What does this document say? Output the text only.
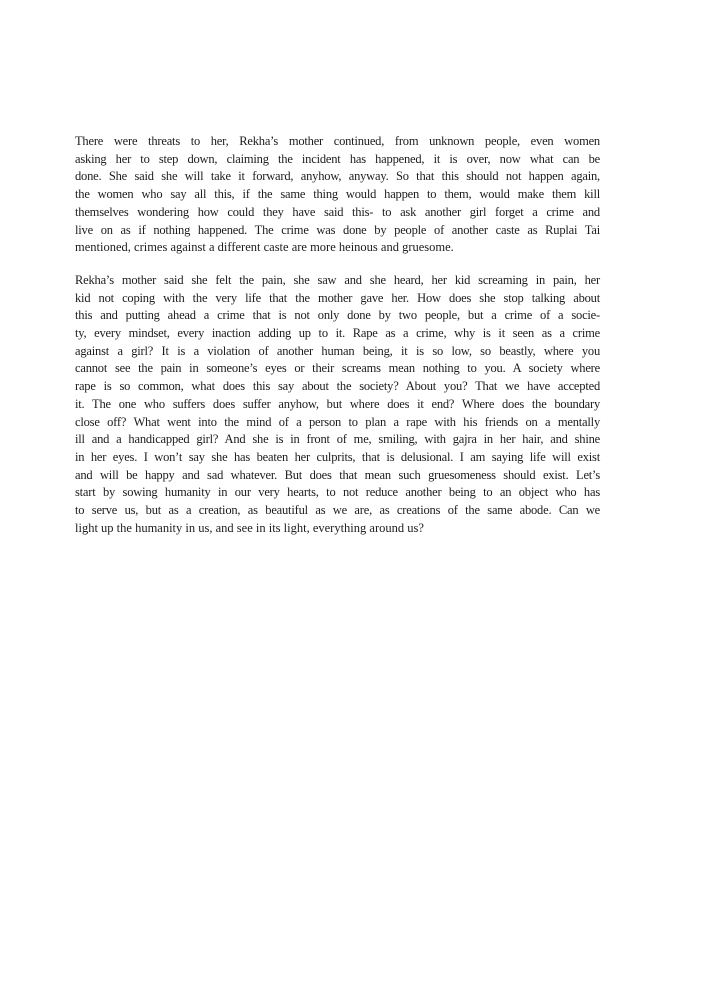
There were threats to her, Rekha’s mother continued, from unknown people, even women
asking her to step down, claiming the incident has happened, it is over, now what can be
done. She said she will take it forward, anyhow, anyway. So that this should not happen again,
the women who say all this, if the same thing would happen to them, would make them kill
themselves wondering how could they have said this- to ask another girl forget a crime and
live on as if nothing happened. The crime was done by people of another caste as Ruplai Tai
mentioned, crimes against a different caste are more heinous and gruesome.
Rekha’s mother said she felt the pain, she saw and she heard, her kid screaming in pain, her
kid not coping with the very life that the mother gave her. How does she stop talking about
this and putting ahead a crime that is not only done by two people, but a crime of a socie-
ty, every mindset, every inaction adding up to it. Rape as a crime, why is it seen as a crime
against a girl? It is a violation of another human being, it is so low, so beastly, where you
cannot see the pain in someone’s eyes or their screams mean nothing to you. A society where
rape is so common, what does this say about the society? About you? That we have accepted
it. The one who suffers does suffer anyhow, but where does it end? Where does the boundary
close off? What went into the mind of a person to plan a rape with his friends on a mentally
ill and a handicapped girl? And she is in front of me, smiling, with gajra in her hair, and shine
in her eyes. I won’t say she has beaten her culprits, that is delusional. I am saying life will exist
and will be happy and sad whatever. But does that mean such gruesomeness should exist. Let’s
start by sowing humanity in our very hearts, to not reduce another being to an object who has
to serve us, but as a creation, as beautiful as we are, as creations of the same abode. Can we
light up the humanity in us, and see in its light, everything around us?
